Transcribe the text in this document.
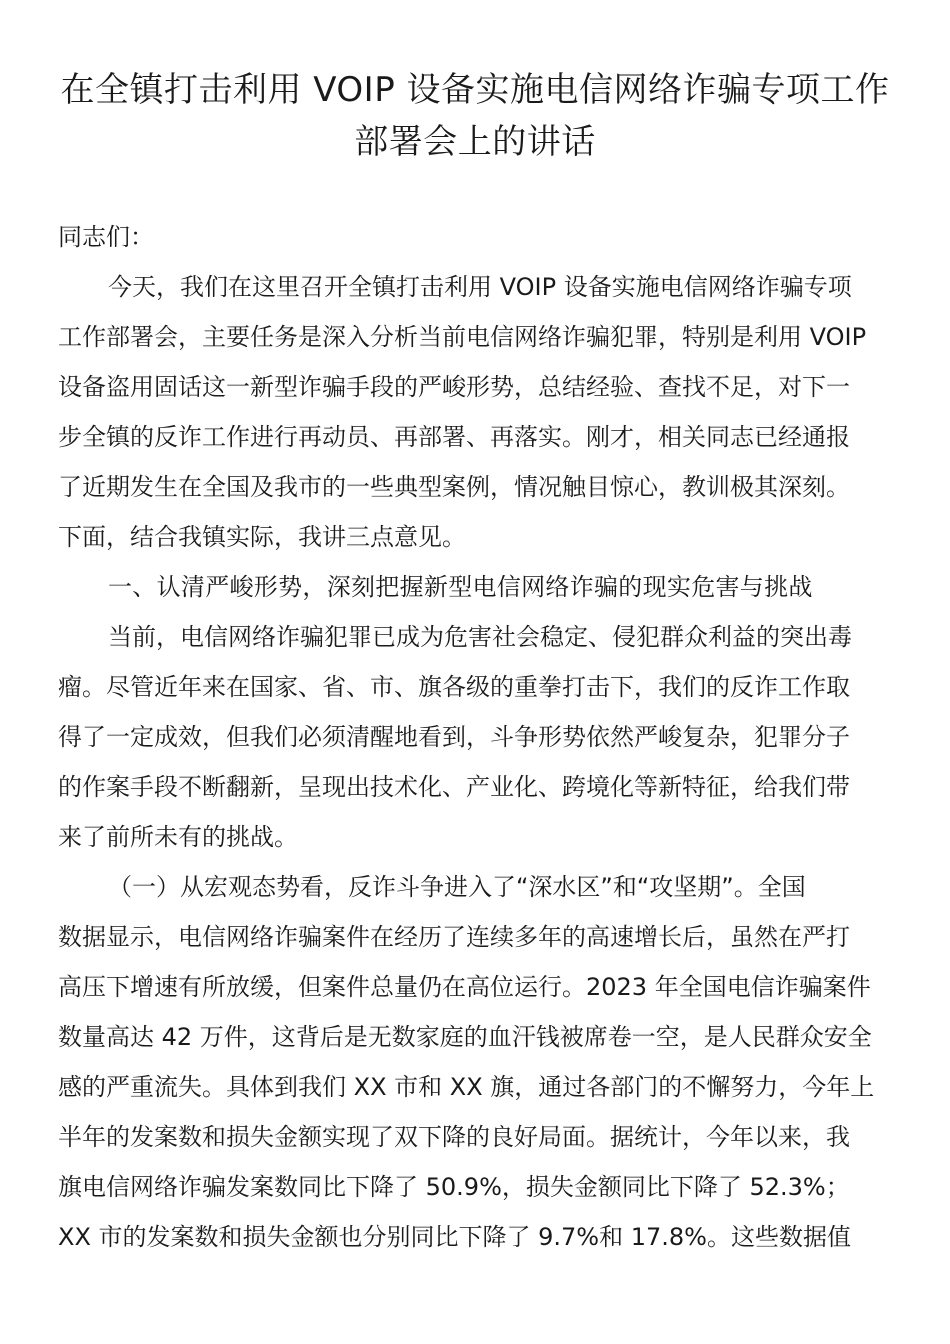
在全镇打击利用 VOIP 设备实施电信网络诈骗专项工作
部署会上的讲话

同志们：

今天，我们在这里召开全镇打击利用 VOIP 设备实施电信网络诈骗专项

工作部署会，主要任务是深入分析当前电信网络诈骗犯罪，特别是利用 VOIP

设备盗用固话这一新型诈骗手段的严峻形势，总结经验、查找不足，对下一

步全镇的反诈工作进行再动员、再部署、再落实。刚才，相关同志已经通报

了近期发生在全国及我市的一些典型案例，情况触目惊心，教训极其深刻。

下面，结合我镇实际，我讲三点意见。

一、认清严峻形势，深刻把握新型电信网络诈骗的现实危害与挑战

当前，电信网络诈骗犯罪已成为危害社会稳定、侵犯群众利益的突出毒

瘤。尽管近年来在国家、省、市、旗各级的重拳打击下，我们的反诈工作取

得了一定成效，但我们必须清醒地看到，斗争形势依然严峻复杂，犯罪分子

的作案手段不断翻新，呈现出技术化、产业化、跨境化等新特征，给我们带

来了前所未有的挑战。

（一）从宏观态势看，反诈斗争进入了“深水区”和“攻坚期”。全国

数据显示，电信网络诈骗案件在经历了连续多年的高速增长后，虽然在严打

高压下增速有所放缓，但案件总量仍在高位运行。2023 年全国电信诈骗案件

数量高达 42 万件，这背后是无数家庭的血汗钱被席卷一空，是人民群众安全

感的严重流失。具体到我们 XX 市和 XX 旗，通过各部门的不懈努力，今年上

半年的发案数和损失金额实现了双下降的良好局面。据统计，今年以来，我

旗电信网络诈骗发案数同比下降了 50.9%，损失金额同比下降了 52.3%；

XX 市的发案数和损失金额也分别同比下降了 9.7%和 17.8%。这些数据值
